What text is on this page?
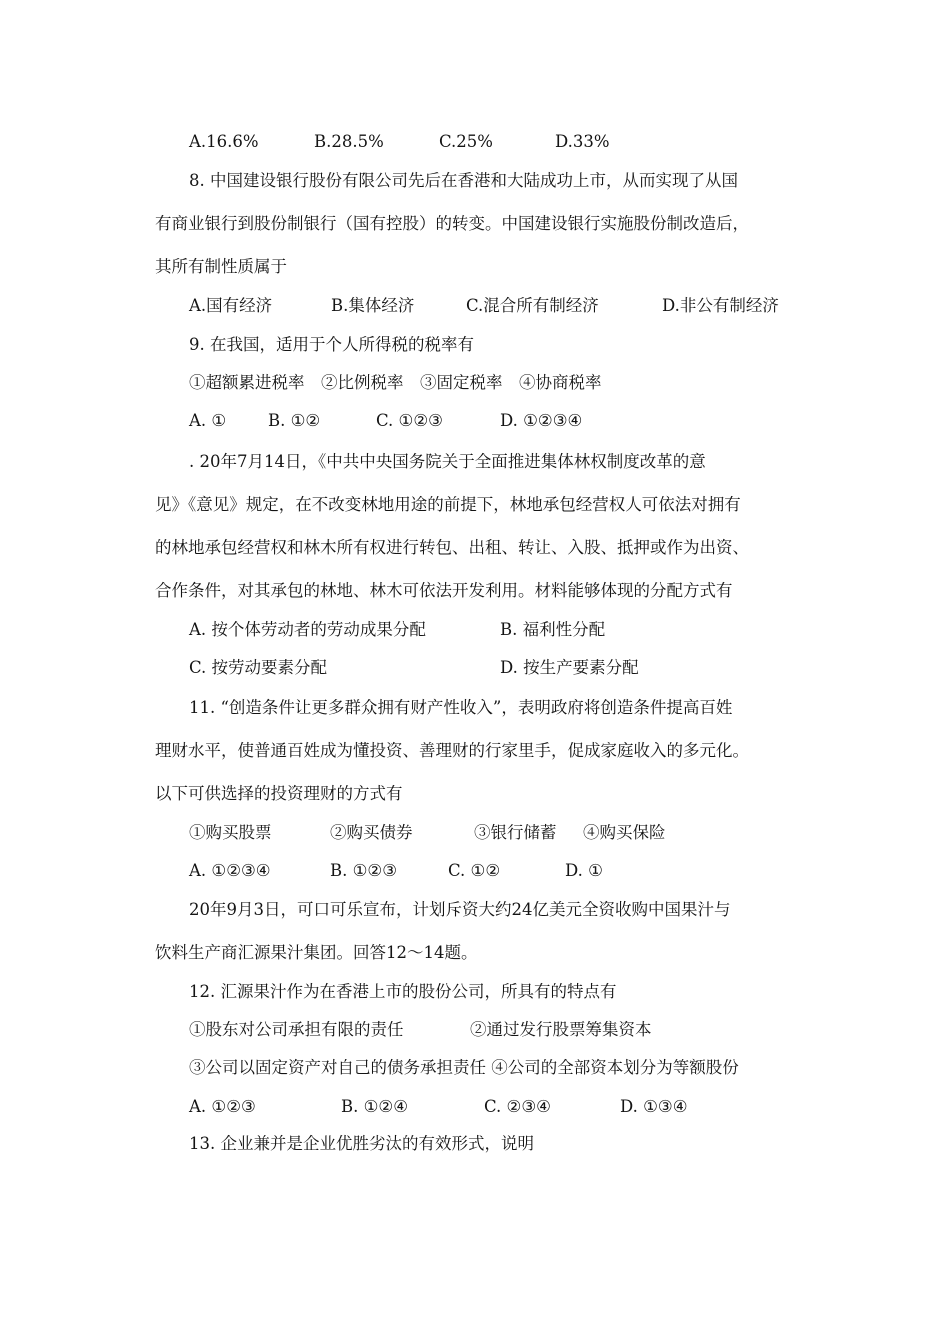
A.16.6%

	B.28.5%

	C.25%

	D.33%

8. 中国建设银行股份有限公司先后在香港和大陆成功上市，从而实现了从国
有商业银行到股份制银行（国有控股）的转变。中国建设银行实施股份制改造后，
其所有制性质属于

A.国有经济

	B.集体经济

	C.混合所有制经济

	D.非公有制经济

9. 在我国，适用于个人所得税的税率有
①超额累进税率　②比例税率　③固定税率　④协商税率

A. ①

	B. ①②

	C. ①②③

	D. ①②③④

. 20年7月14日，《中共中央国务院关于全面推进集体林权制度改革的意
见》《意见》规定，在不改变林地用途的前提下，林地承包经营权人可依法对拥有
的林地承包经营权和林木所有权进行转包、出租、转让、入股、抵押或作为出资、
合作条件，对其承包的林地、林木可依法开发利用。材料能够体现的分配方式有

A. 按个体劳动者的劳动成果分配

	B. 福利性分配

C. 按劳动要素分配

	D. 按生产要素分配

11. “创造条件让更多群众拥有财产性收入”，表明政府将创造条件提高百姓
理财水平，使普通百姓成为懂投资、善理财的行家里手，促成家庭收入的多元化。
以下可供选择的投资理财的方式有

①购买股票

	②购买债券

	③银行储蓄

④购买保险

A. ①②③④

	B. ①②③

	C. ①②

	D. ①

20年9月3日，可口可乐宣布，计划斥资大约24亿美元全资收购中国果汁与
饮料生产商汇源果汁集团。回答12～14题。
12. 汇源果汁作为在香港上市的股份公司，所具有的特点有

①股东对公司承担有限的责任

	②通过发行股票筹集资本

③公司以固定资产对自己的债务承担责任 ④公司的全部资本划分为等额股份

A. ①②③

	B. ①②④

	C. ②③④

	D. ①③④

13. 企业兼并是企业优胜劣汰的有效形式，说明
